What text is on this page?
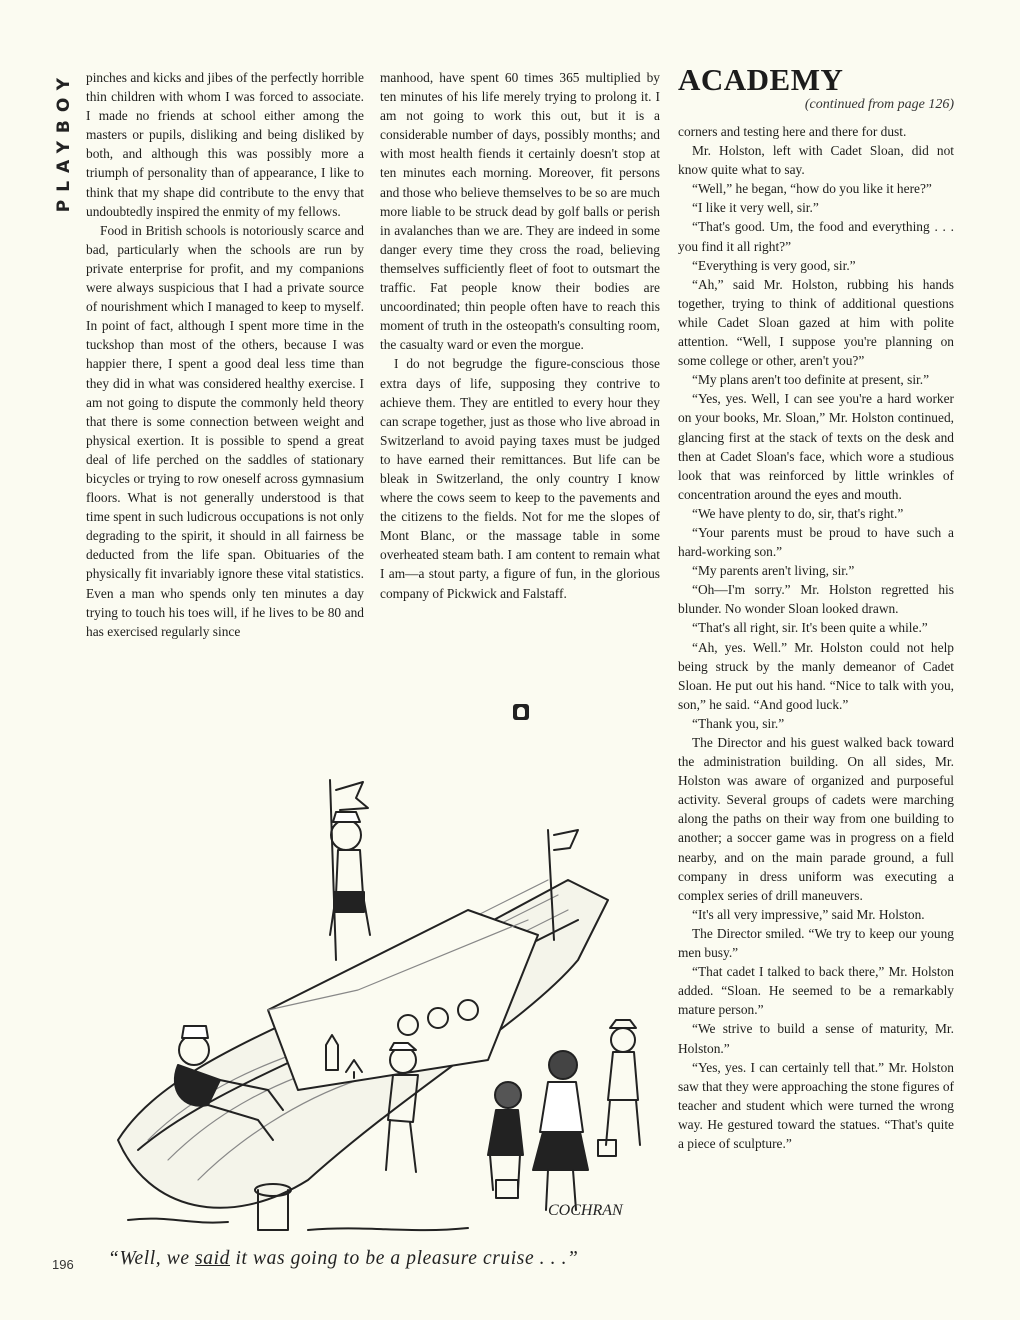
PLAYBOY pinches and kicks and jibes of the perfectly horrible thin children with whom I was forced to associate. I made no friends at school either among the masters or pupils, disliking and being disliked by both, and although this was possibly more a triumph of personality than of appearance, I like to think that my shape did contribute to the envy that undoubtedly inspired the enmity of my fellows.

Food in British schools is notoriously scarce and bad, particularly when the schools are run by private enterprise for profit, and my companions were always suspicious that I had a private source of nourishment which I managed to keep to myself. In point of fact, although I spent more time in the tuckshop than most of the others, because I was happier there, I spent a good deal less time than they did in what was considered healthy exercise. I am not going to dispute the commonly held theory that there is some connection between weight and physical exertion. It is possible to spend a great deal of life perched on the saddles of stationary bicycles or trying to row oneself across gymnasium floors. What is not generally understood is that time spent in such ludicrous occupations is not only degrading to the spirit, it should in all fairness be deducted from the life span. Obituaries of the physically fit invariably ignore these vital statistics. Even a man who spends only ten minutes a day trying to touch his toes will, if he lives to be 80 and has exercised regularly since

manhood, have spent 60 times 365 multiplied by ten minutes of his life merely trying to prolong it. I am not going to work this out, but it is a considerable number of days, possibly months; and with most health fiends it certainly doesn't stop at ten minutes each morning. Moreover, fit persons and those who believe themselves to be so are much more liable to be struck dead by golf balls or perish in avalanches than we are. They are indeed in some danger every time they cross the road, believing themselves sufficiently fleet of foot to outsmart the traffic. Fat people know their bodies are uncoordinated; thin people often have to reach this moment of truth in the osteopath's consulting room, the casualty ward or even the morgue.

I do not begrudge the figure-conscious those extra days of life, supposing they contrive to achieve them. They are entitled to every hour they can scrape together, just as those who live abroad in Switzerland to avoid paying taxes must be judged to have earned their remittances. But life can be bleak in Switzerland, the only country I know where the cows seem to keep to the pavements and the citizens to the fields. Not for me the slopes of Mont Blanc, or the massage table in some overheated steam bath. I am content to remain what I am—a stout party, a figure of fun, in the glorious company of Pickwick and Falstaff.

ACADEMY
(continued from page 126)

corners and testing here and there for dust.

Mr. Holston, left with Cadet Sloan, did not know quite what to say.

“Well,” he began, “how do you like it here?”

“I like it very well, sir.”

“That's good. Um, the food and everything . . . you find it all right?”

“Everything is very good, sir.”

“Ah,” said Mr. Holston, rubbing his hands together, trying to think of additional questions while Cadet Sloan gazed at him with polite attention. “Well, I suppose you're planning on some college or other, aren't you?”

“My plans aren't too definite at present, sir.”

“Yes, yes. Well, I can see you're a hard worker on your books, Mr. Sloan,” Mr. Holston continued, glancing first at the stack of texts on the desk and then at Cadet Sloan's face, which wore a studious look that was reinforced by little wrinkles of concentration around the eyes and mouth.

“We have plenty to do, sir, that's right.”

“Your parents must be proud to have such a hard-working son.”

“My parents aren't living, sir.”

“Oh—I'm sorry.” Mr. Holston regretted his blunder. No wonder Sloan looked drawn.

“That's all right, sir. It's been quite a while.”

“Ah, yes. Well.” Mr. Holston could not help being struck by the manly demeanor of Cadet Sloan. He put out his hand. “Nice to talk with you, son,” he said. “And good luck.”

“Thank you, sir.”

The Director and his guest walked back toward the administration building. On all sides, Mr. Holston was aware of organized and purposeful activity. Several groups of cadets were marching along the paths on their way from one building to another; a soccer game was in progress on a field nearby, and on the main parade ground, a full company in dress uniform was executing a complex series of drill maneuvers.

“It's all very impressive,” said Mr. Holston.

The Director smiled. “We try to keep our young men busy.”

“That cadet I talked to back there,” Mr. Holston added. “Sloan. He seemed to be a remarkably mature person.”

“We strive to build a sense of maturity, Mr. Holston.”

“Yes, yes. I can certainly tell that.” Mr. Holston saw that they were approaching the stone figures of teacher and student which were turned the wrong way. He gestured toward the statues. “That's quite a piece of sculpture.”

COCHRAN
“Well, we said it was going to be a pleasure cruise . . .”
196
